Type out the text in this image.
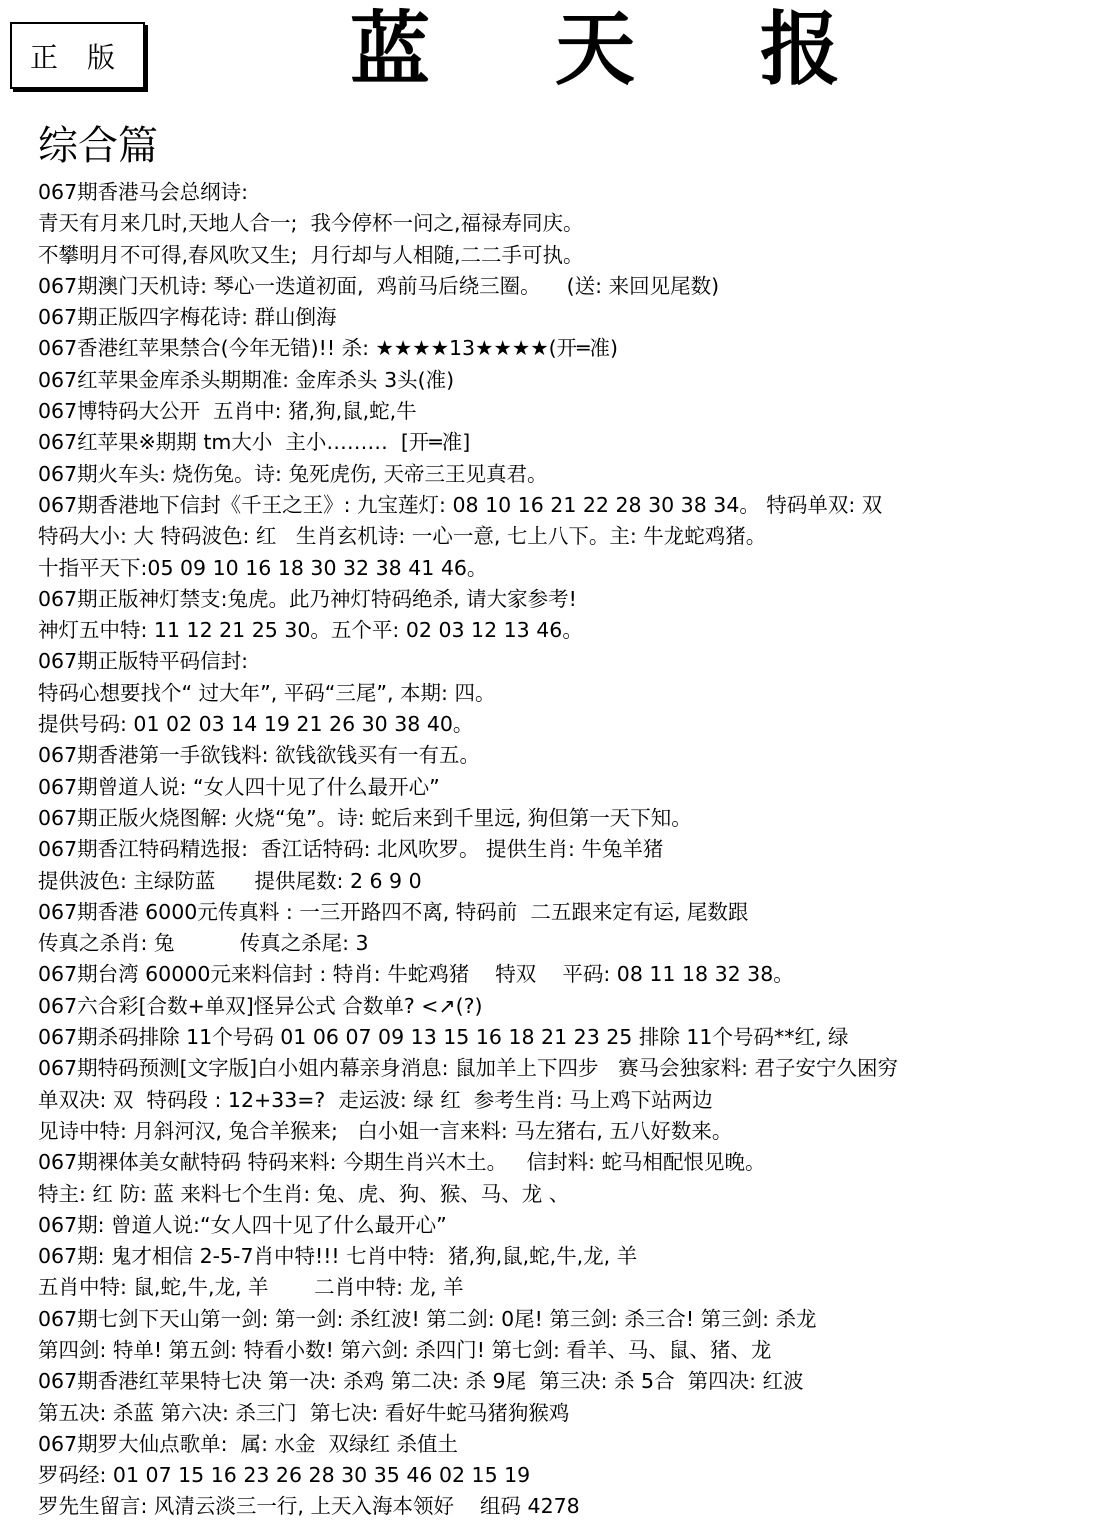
正 版	蓝 天 报
综合篇
067期香港马会总纲诗:
青天有月来几时,天地人合一;  我今停杯一问之,福禄寿同庆。
不攀明月不可得,春风吹又生;  月行却与人相随,二二手可执。
067期澳门天机诗: 琴心一迭道初面,  鸡前马后绕三圈。    (送: 来回见尾数)
067期正版四字梅花诗: 群山倒海
067香港红苹果禁合(今年无错)!! 杀: ★★★★13★★★★(开═准)
067红苹果金库杀头期期准: 金库杀头 3头(准)
067博特码大公开  五肖中: 猪,狗,鼠,蛇,牛
067红苹果※期期 tm大小  主小………  [开═准]
067期火车头: 烧伤兔。诗: 兔死虎伤, 天帝三王见真君。
067期香港地下信封《千王之王》: 九宝莲灯: 08 10 16 21 22 28 30 38 34。 特码单双: 双
特码大小: 大 特码波色: 红   生肖玄机诗: 一心一意, 七上八下。主: 牛龙蛇鸡猪。
十指平天下:05 09 10 16 18 30 32 38 41 46。
067期正版神灯禁支:兔虎。此乃神灯特码绝杀, 请大家参考!
神灯五中特: 11 12 21 25 30。五个平: 02 03 12 13 46。
067期正版特平码信封:
特码心想要找个“ 过大年”, 平码“三尾”, 本期: 四。
提供号码: 01 02 03 14 19 21 26 30 38 40。
067期香港第一手欲钱料: 欲钱欲钱买有一有五。
067期曾道人说: “女人四十见了什么最开心”
067期正版火烧图解: 火烧“兔”。诗: 蛇后来到千里远, 狗但第一天下知。
067期香江特码精选报:  香江话特码: 北风吹罗。 提供生肖: 牛兔羊猪
提供波色: 主绿防蓝      提供尾数: 2 6 9 0
067期香港 6000元传真料 : 一三开路四不离, 特码前  二五跟来定有运, 尾数跟
传真之杀肖: 兔          传真之杀尾: 3
067期台湾 60000元来料信封 : 特肖: 牛蛇鸡猪    特双    平码: 08 11 18 32 38。
067六合彩[合数+单双]怪异公式 合数单? <↗(?)
067期杀码排除 11个号码 01 06 07 09 13 15 16 18 21 23 25 排除 11个号码**红, 绿
067期特码预测[文字版]白小姐内幕亲身消息: 鼠加羊上下四步   赛马会独家料: 君子安宁久困穷
单双决: 双  特码段 : 12+33=?  走运波: 绿 红  参考生肖: 马上鸡下站两边
见诗中特: 月斜河汉, 兔合羊猴来;   白小姐一言来料: 马左猪右, 五八好数来。
067期裸体美女献特码 特码来料: 今期生肖兴木土。   信封料: 蛇马相配恨见晚。
特主: 红 防: 蓝 来料七个生肖: 兔、虎、狗、猴、马、龙 、
067期: 曾道人说:“女人四十见了什么最开心”
067期: 鬼才相信 2-5-7肖中特!!! 七肖中特:  猪,狗,鼠,蛇,牛,龙, 羊
五肖中特: 鼠,蛇,牛,龙, 羊       二肖中特: 龙, 羊
067期七剑下天山第一剑: 第一剑: 杀红波! 第二剑: 0尾! 第三剑: 杀三合! 第三剑: 杀龙
第四剑: 特单! 第五剑: 特看小数! 第六剑: 杀四门! 第七剑: 看羊、马、鼠、猪、龙
067期香港红苹果特七决 第一决: 杀鸡 第二决: 杀 9尾  第三决: 杀 5合  第四决: 红波
第五决: 杀蓝 第六决: 杀三门  第七决: 看好牛蛇马猪狗猴鸡
067期罗大仙点歌单:  属: 水金  双绿红 杀值土
罗码经: 01 07 15 16 23 26 28 30 35 46 02 15 19
罗先生留言: 风清云淡三一行, 上天入海本领好    组码 4278
